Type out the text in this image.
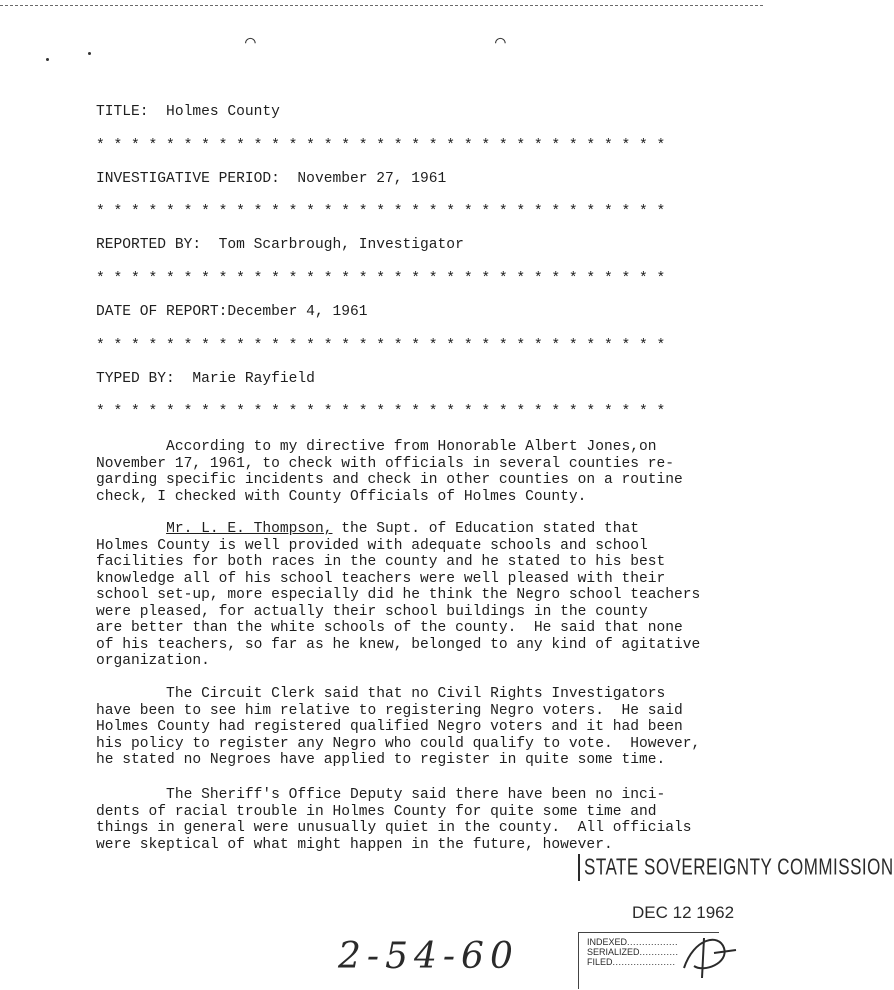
⌒	⌒

TITLE:  Holmes County

* * * * * * * * * * * * * * * * * * * * * * * * * * * * * * * * *

INVESTIGATIVE PERIOD:  November 27, 1961

* * * * * * * * * * * * * * * * * * * * * * * * * * * * * * * * *

REPORTED BY:  Tom Scarbrough, Investigator

* * * * * * * * * * * * * * * * * * * * * * * * * * * * * * * * *

DATE OF REPORT:December 4, 1961

* * * * * * * * * * * * * * * * * * * * * * * * * * * * * * * * *

TYPED BY:  Marie Rayfield

* * * * * * * * * * * * * * * * * * * * * * * * * * * * * * * * *

According to my directive from Honorable Albert Jones,on

November 17, 1961, to check with officials in several counties re-

garding specific incidents and check in other counties on a routine

check, I checked with County Officials of Holmes County.

Mr. L. E. Thompson, the Supt. of Education stated that

Holmes County is well provided with adequate schools and school

facilities for both races in the county and he stated to his best

knowledge all of his school teachers were well pleased with their

school set-up, more especially did he think the Negro school teachers

were pleased, for actually their school buildings in the county

are better than the white schools of the county.  He said that none

of his teachers, so far as he knew, belonged to any kind of agitative

organization.

The Circuit Clerk said that no Civil Rights Investigators

have been to see him relative to registering Negro voters.  He said

Holmes County had registered qualified Negro voters and it had been

his policy to register any Negro who could qualify to vote.  However,

he stated no Negroes have applied to register in quite some time.

The Sheriff's Office Deputy said there have been no inci-

dents of racial trouble in Holmes County for quite some time and

things in general were unusually quiet in the county.  All officials

were skeptical of what might happen in the future, however.

STATE SOVEREIGNTY COMMISSION
DEC 12 1962
INDEXED.................
SERIALIZED.............
FILED.....................
2-54-60
